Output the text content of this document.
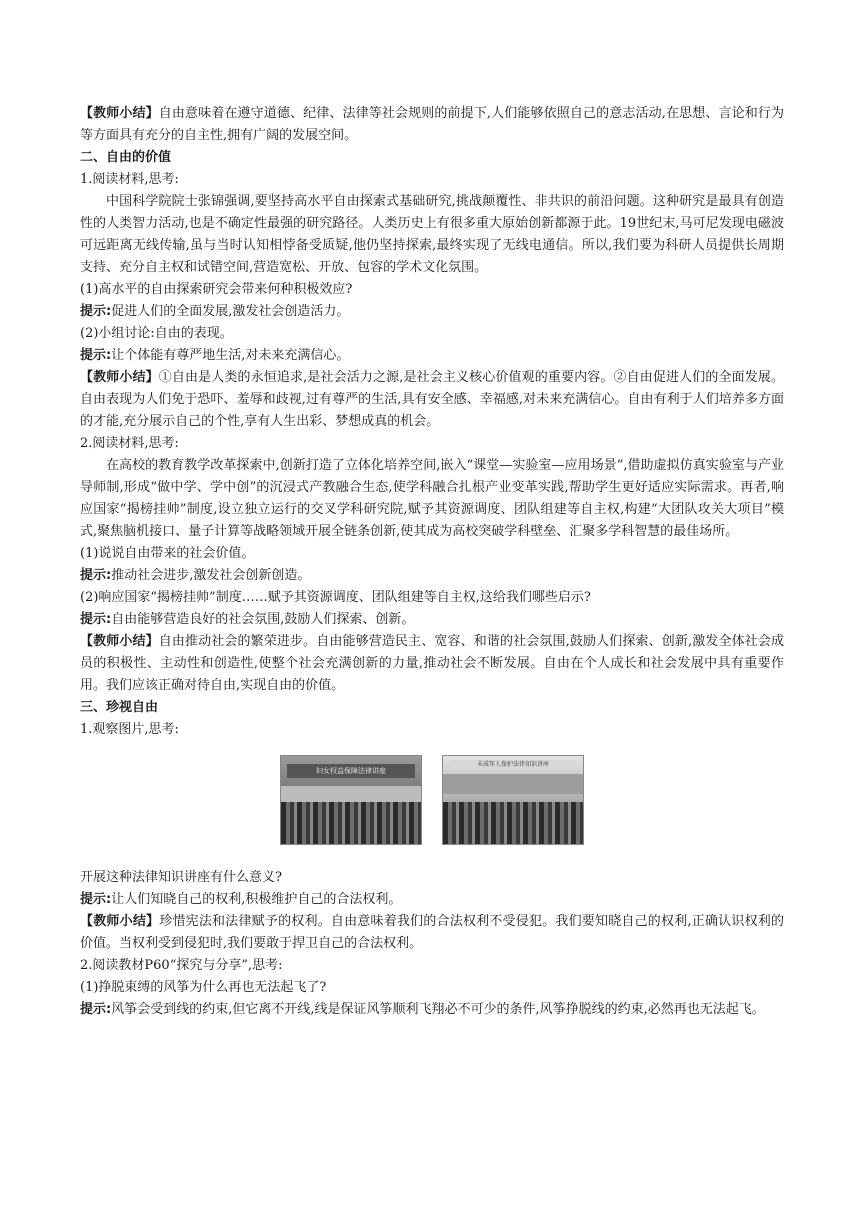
【教师小结】自由意味着在遵守道德、纪律、法律等社会规则的前提下,人们能够依照自己的意志活动,在思想、言论和行为等方面具有充分的自主性,拥有广阔的发展空间。

二、自由的价值

1.阅读材料,思考:

中国科学院院士张锦强调,要坚持高水平自由探索式基础研究,挑战颠覆性、非共识的前沿问题。这种研究是最具有创造性的人类智力活动,也是不确定性最强的研究路径。人类历史上有很多重大原始创新都源于此。19世纪末,马可尼发现电磁波可远距离无线传输,虽与当时认知相悖备受质疑,他仍坚持探索,最终实现了无线电通信。所以,我们要为科研人员提供长周期支持、充分自主权和试错空间,营造宽松、开放、包容的学术文化氛围。

(1)高水平的自由探索研究会带来何种积极效应?

提示:促进人们的全面发展,激发社会创造活力。

(2)小组讨论:自由的表现。

提示:让个体能有尊严地生活,对未来充满信心。

【教师小结】①自由是人类的永恒追求,是社会活力之源,是社会主义核心价值观的重要内容。②自由促进人们的全面发展。自由表现为人们免于恐吓、羞辱和歧视,过有尊严的生活,具有安全感、幸福感,对未来充满信心。自由有利于人们培养多方面的才能,充分展示自己的个性,享有人生出彩、梦想成真的机会。

2.阅读材料,思考:

在高校的教育教学改革探索中,创新打造了立体化培养空间,嵌入“课堂—实验室—应用场景”,借助虚拟仿真实验室与产业导师制,形成“做中学、学中创”的沉浸式产教融合生态,使学科融合扎根产业变革实践,帮助学生更好适应实际需求。再者,响应国家“揭榜挂帅”制度,设立独立运行的交叉学科研究院,赋予其资源调度、团队组建等自主权,构建“大团队攻关大项目”模式,聚焦脑机接口、量子计算等战略领域开展全链条创新,使其成为高校突破学科壁垒、汇聚多学科智慧的最佳场所。

(1)说说自由带来的社会价值。

提示:推动社会进步,激发社会创新创造。

(2)响应国家“揭榜挂帅”制度……赋予其资源调度、团队组建等自主权,这给我们哪些启示?

提示:自由能够营造良好的社会氛围,鼓励人们探索、创新。

【教师小结】自由推动社会的繁荣进步。自由能够营造民主、宽容、和谐的社会氛围,鼓励人们探索、创新,激发全体社会成员的积极性、主动性和创造性,使整个社会充满创新的力量,推动社会不断发展。自由在个人成长和社会发展中具有重要作用。我们应该正确对待自由,实现自由的价值。

三、珍视自由

1.观察图片,思考:

妇女权益保障法律讲座
未成年人保护法律知识讲座

开展这种法律知识讲座有什么意义?

提示:让人们知晓自己的权利,积极维护自己的合法权利。

【教师小结】珍惜宪法和法律赋予的权利。自由意味着我们的合法权利不受侵犯。我们要知晓自己的权利,正确认识权利的价值。当权利受到侵犯时,我们要敢于捍卫自己的合法权利。

2.阅读教材P60“探究与分享”,思考:

(1)挣脱束缚的风筝为什么再也无法起飞了?

提示:风筝会受到线的约束,但它离不开线,线是保证风筝顺利飞翔必不可少的条件,风筝挣脱线的约束,必然再也无法起飞。
